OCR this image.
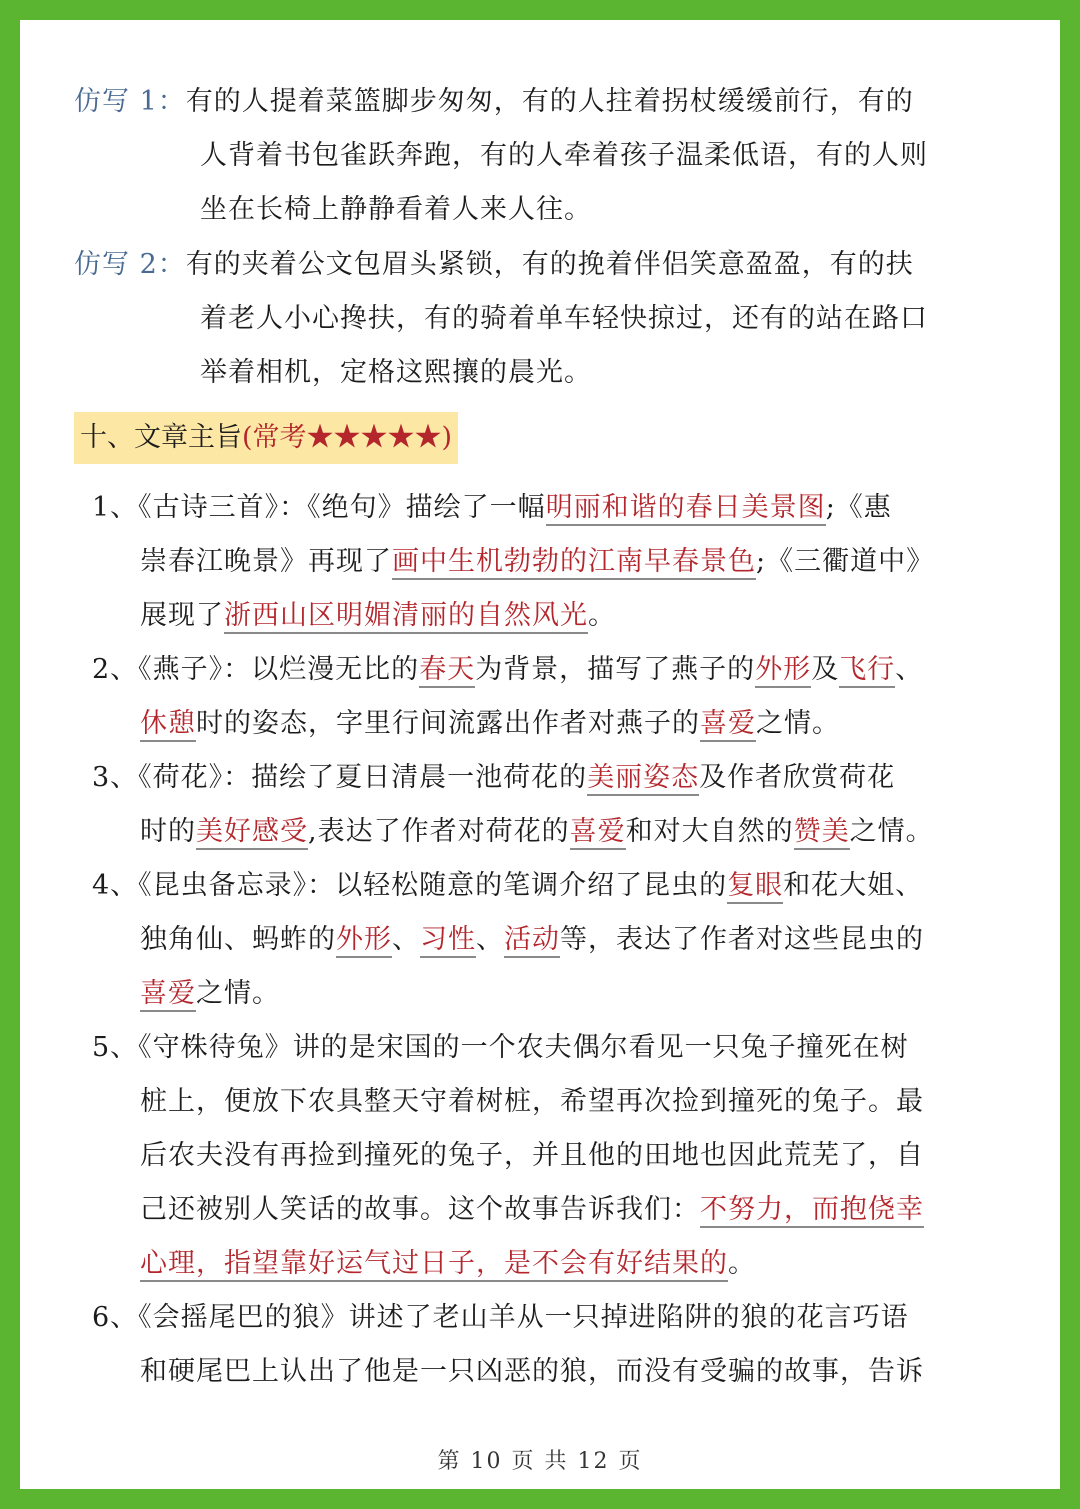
仿写 1：有的人提着菜篮脚步匆匆，有的人拄着拐杖缓缓前行，有的
人背着书包雀跃奔跑，有的人牵着孩子温柔低语，有的人则
坐在长椅上静静看着人来人往。
仿写 2：有的夹着公文包眉头紧锁，有的挽着伴侣笑意盈盈，有的扶
着老人小心搀扶，有的骑着单车轻快掠过，还有的站在路口
举着相机，定格这熙攘的晨光。
十、文章主旨(常考★★★★★)
1、《古诗三首》：《绝句》描绘了一幅明丽和谐的春日美景图;《惠
崇春江晚景》再现了画中生机勃勃的江南早春景色;《三衢道中》
展现了浙西山区明媚清丽的自然风光。
2、《燕子》：以烂漫无比的春天为背景，描写了燕子的外形及飞行、
休憩时的姿态，字里行间流露出作者对燕子的喜爱之情。
3、《荷花》：描绘了夏日清晨一池荷花的美丽姿态及作者欣赏荷花
时的美好感受,表达了作者对荷花的喜爱和对大自然的赞美之情。
4、《昆虫备忘录》：以轻松随意的笔调介绍了昆虫的复眼和花大姐、
独角仙、蚂蚱的外形、习性、活动等，表达了作者对这些昆虫的
喜爱之情。
5、《守株待兔》讲的是宋国的一个农夫偶尔看见一只兔子撞死在树
桩上，便放下农具整天守着树桩，希望再次捡到撞死的兔子。最
后农夫没有再捡到撞死的兔子，并且他的田地也因此荒芜了，自
己还被别人笑话的故事。这个故事告诉我们：不努力，而抱侥幸
心理，指望靠好运气过日子，是不会有好结果的。
6、《会摇尾巴的狼》讲述了老山羊从一只掉进陷阱的狼的花言巧语
和硬尾巴上认出了他是一只凶恶的狼，而没有受骗的故事，告诉
第 10 页 共 12 页
